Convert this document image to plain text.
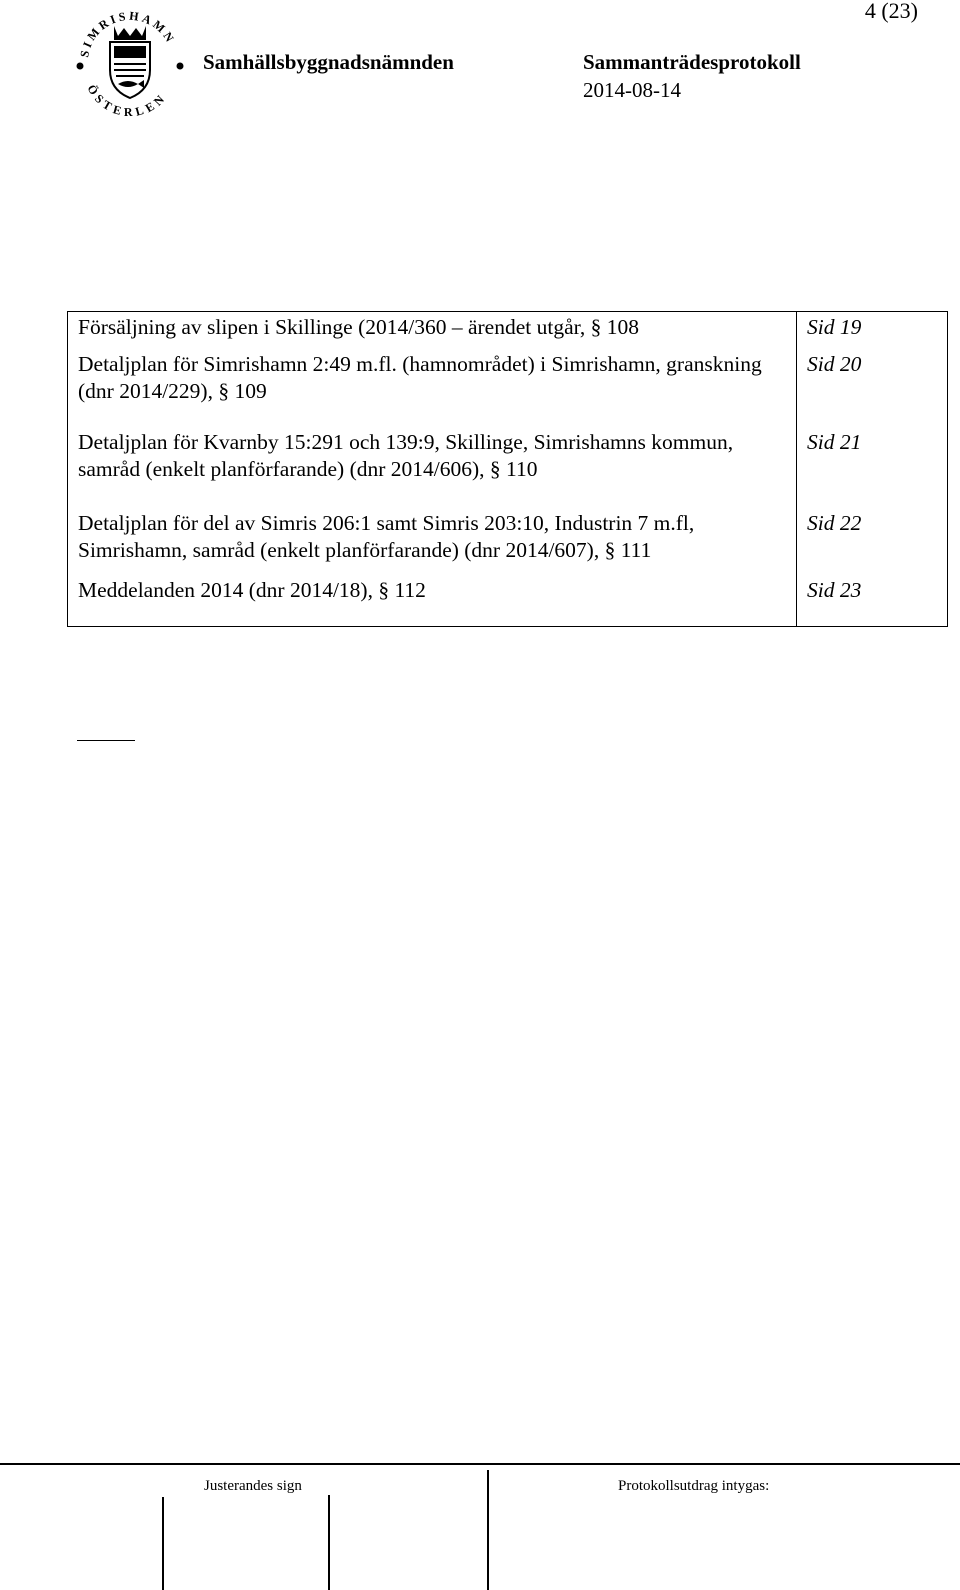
4 (23)
SIMRISHAMN
ÖSTERLEN
Samhällsbyggnadsnämnden	Sammanträdesprotokoll
2014-08-14
Försäljning av slipen i Skillinge (2014/360 – ärendet utgår, § 108	Sid 19
Detaljplan för Simrishamn 2:49 m.fl. (hamnområdet) i Simrishamn, granskning (dnr 2014/229), § 109	Sid 20
Detaljplan för Kvarnby 15:291 och 139:9, Skillinge, Simrishamns kommun, samråd (enkelt planförfarande) (dnr 2014/606), § 110	Sid 21
Detaljplan för del av Simris 206:1 samt Simris 203:10, Industrin 7 m.fl, Simrishamn, samråd (enkelt planförfarande) (dnr 2014/607), § 111	Sid 22
Meddelanden 2014 (dnr 2014/18), § 112	Sid 23
Justerandes sign	Protokollsutdrag intygas:
